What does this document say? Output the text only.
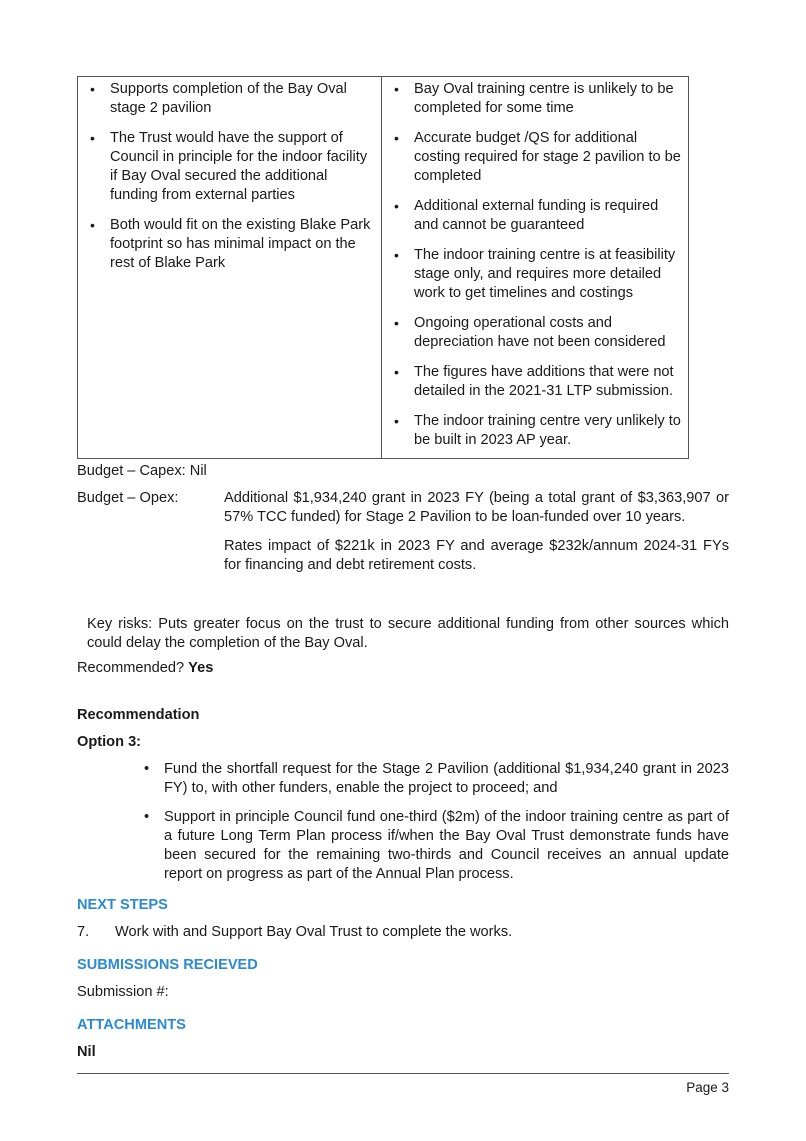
• Supports completion of the Bay Oval stage 2 pavilion
• The Trust would have the support of Council in principle for the indoor facility if Bay Oval secured the additional funding from external parties
• Both would fit on the existing Blake Park footprint so has minimal impact on the rest of Blake Park

• Bay Oval training centre is unlikely to be completed for some time
• Accurate budget /QS for additional costing required for stage 2 pavilion to be completed
• Additional external funding is required and cannot be guaranteed
• The indoor training centre is at feasibility stage only, and requires more detailed work to get timelines and costings
• Ongoing operational costs and depreciation have not been considered
• The figures have additions that were not detailed in the 2021-31 LTP submission.
• The indoor training centre very unlikely to be built in 2023 AP year.
Budget – Capex: Nil
Budget – Opex:	Additional $1,934,240 grant in 2023 FY (being a total grant of $3,363,907 or 57% TCC funded) for Stage 2 Pavilion to be loan-funded over 10 years.

Rates impact of $221k in 2023 FY and average $232k/annum 2024-31 FYs for financing and debt retirement costs.

Key risks: Puts greater focus on the trust to secure additional funding from other sources which could delay the completion of the Bay Oval.

Recommended? Yes

Recommendation
Option 3:
• Fund the shortfall request for the Stage 2 Pavilion (additional $1,934,240 grant in 2023 FY) to, with other funders, enable the project to proceed; and
• Support in principle Council fund one-third ($2m) of the indoor training centre as part of a future Long Term Plan process if/when the Bay Oval Trust demonstrate funds have been secured for the remaining two-thirds and Council receives an annual update report on progress as part of the Annual Plan process.
NEXT STEPS
7.	Work with and Support Bay Oval Trust to complete the works.
SUBMISSIONS RECIEVED
Submission #:
ATTACHMENTS
Nil
Page 3
